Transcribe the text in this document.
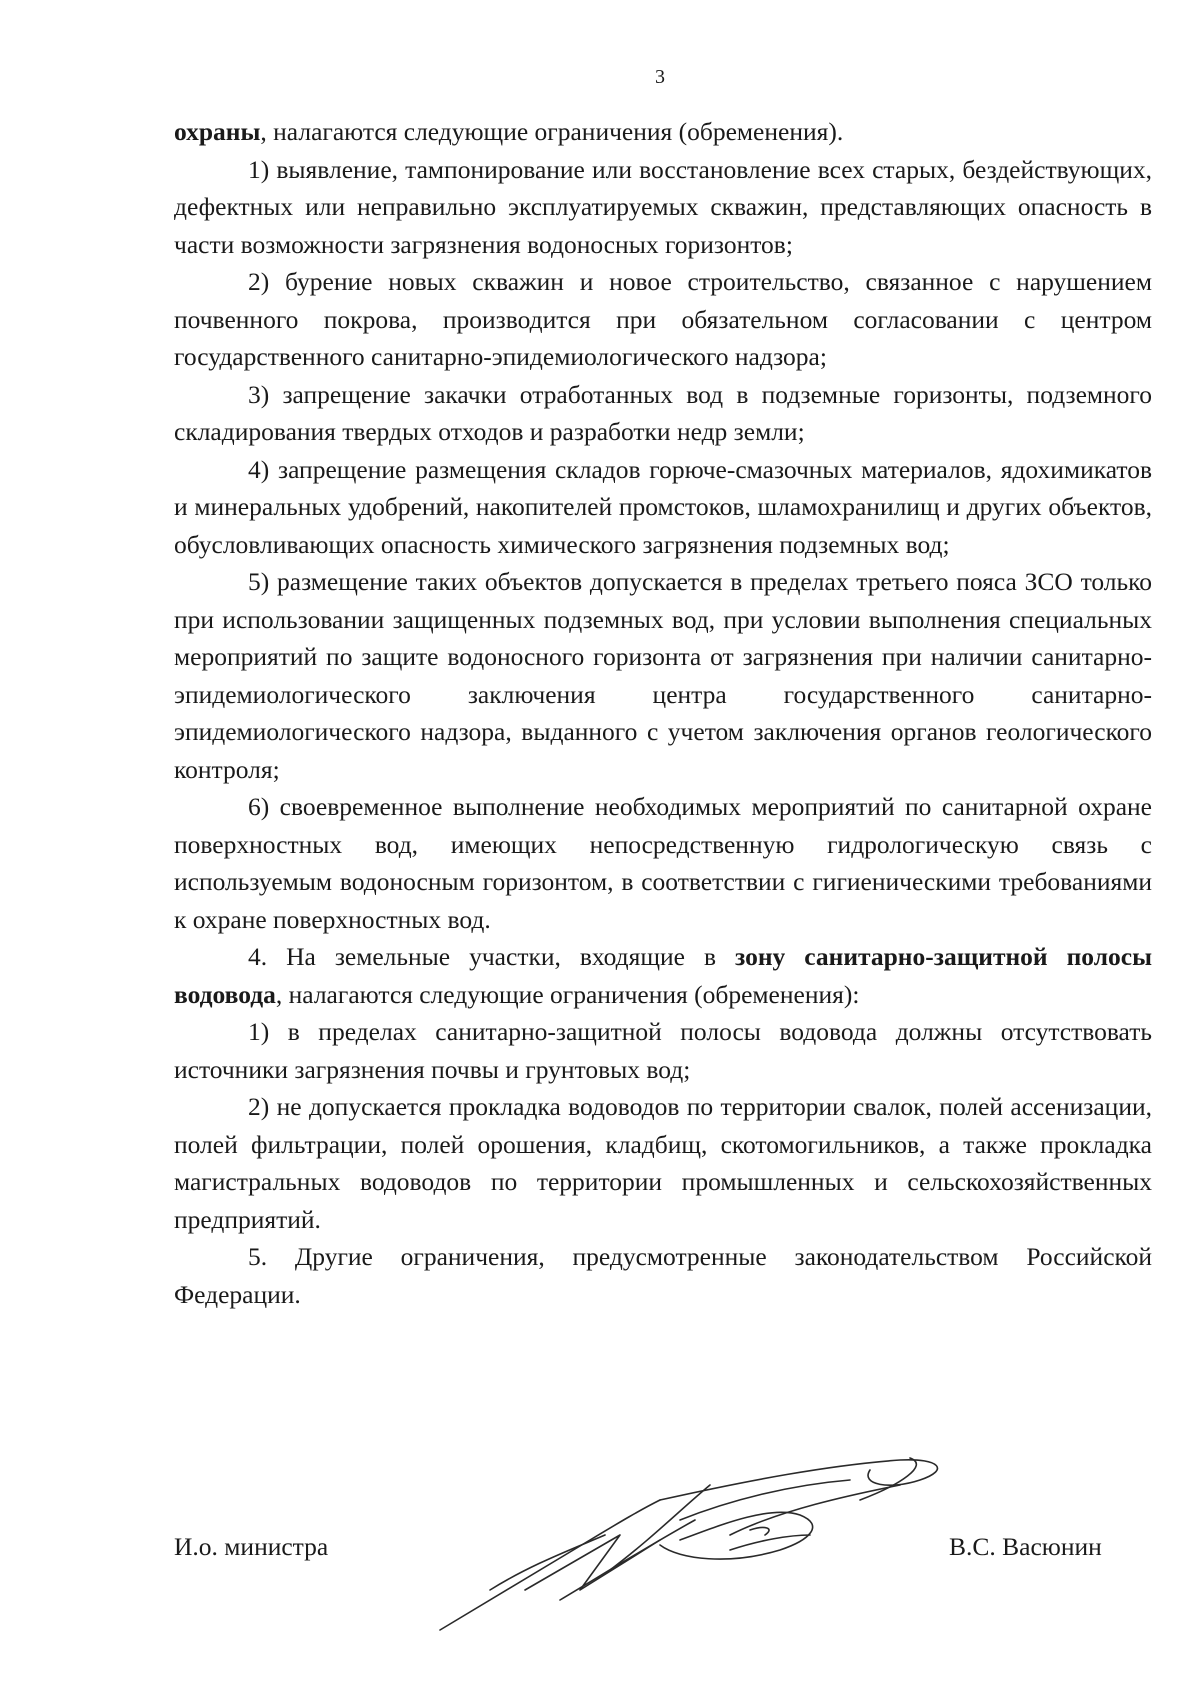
3

охраны, налагаются следующие ограничения (обременения).

1) выявление, тампонирование или восстановление всех старых, бездействующих, дефектных или неправильно эксплуатируемых скважин, представляющих опасность в части возможности загрязнения водоносных горизонтов;

2) бурение новых скважин и новое строительство, связанное с нарушением почвенного покрова, производится при обязательном согласовании с центром государственного санитарно-эпидемиологического надзора;

3) запрещение закачки отработанных вод в подземные горизонты, подземного складирования твердых отходов и разработки недр земли;

4) запрещение размещения складов горюче-смазочных материалов, ядохимикатов и минеральных удобрений, накопителей промстоков, шламохранилищ и других объектов, обусловливающих опасность химического загрязнения подземных вод;

5) размещение таких объектов допускается в пределах третьего пояса ЗСО только при использовании защищенных подземных вод, при условии выполнения специальных мероприятий по защите водоносного горизонта от загрязнения при наличии санитарно-эпидемиологического заключения центра государственного санитарно-эпидемиологического надзора, выданного с учетом заключения органов геологического контроля;

6) своевременное выполнение необходимых мероприятий по санитарной охране поверхностных вод, имеющих непосредственную гидрологическую связь с используемым водоносным горизонтом, в соответствии с гигиеническими требованиями к охране поверхностных вод.

4. На земельные участки, входящие в зону санитарно-защитной полосы водовода, налагаются следующие ограничения (обременения):

1) в пределах санитарно-защитной полосы водовода должны отсутствовать источники загрязнения почвы и грунтовых вод;

2) не допускается прокладка водоводов по территории свалок, полей ассенизации, полей фильтрации, полей орошения, кладбищ, скотомогильников, а также прокладка магистральных водоводов по территории промышленных и сельскохозяйственных предприятий.

5. Другие ограничения, предусмотренные законодательством Российской Федерации.

И.о. министра	В.С. Васюнин
